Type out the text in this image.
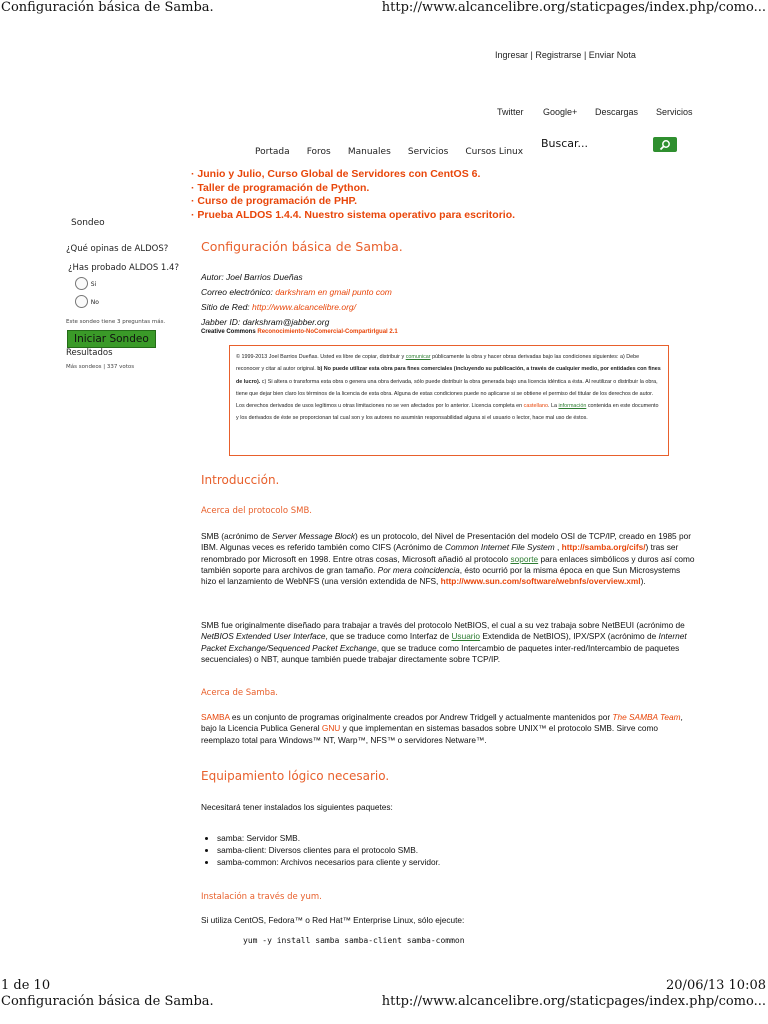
Configuración básica de Samba.	http://www.alcancelibre.org/staticpages/index.php/como...
Ingresar | Registrarse | Enviar Nota
Twitter Google+ Descargas Servicios
Portada Foros Manuales Servicios Cursos Linux
Buscar...
· Junio y Julio, Curso Global de Servidores con CentOS 6.
· Taller de programación de Python.
· Curso de programación de PHP.
· Prueba ALDOS 1.4.4. Nuestro sistema operativo para escritorio.
Sondeo
¿Qué opinas de ALDOS?
¿Has probado ALDOS 1.4?
Si
No
Este sondeo tiene 3 preguntas más.
Iniciar Sondeo
Resultados
Más sondeos | 337 votos
Configuración básica de Samba.
Autor: Joel Barrios Dueñas
Correo electrónico: darkshram en gmail punto com
Sitio de Red: http://www.alcancelibre.org/
Jabber ID: darkshram@jabber.org
Creative Commons Reconocimiento-NoComercial-CompartirIgual 2.1
© 1999-2013 Joel Barrios Dueñas. Usted es libre de copiar, distribuir y comunicar públicamente la obra y hacer obras derivadas bajo las condiciones siguientes: a) Debe reconocer y citar al autor original. b) No puede utilizar esta obra para fines comerciales (incluyendo su publicación, a través de cualquier medio, por entidades con fines de lucro). c) Si altera o transforma esta obra o genera una obra derivada, sólo puede distribuir la obra generada bajo una licencia idéntica a ésta. Al reutilizar o distribuir la obra, tiene que dejar bien claro los términos de la licencia de esta obra. Alguna de estas condiciones puede no aplicarse si se obtiene el permiso del titular de los derechos de autor. Los derechos derivados de usos legítimos u otras limitaciones no se ven afectados por lo anterior. Licencia completa en castellano. La información contenida en este documento y los derivados de éste se proporcionan tal cual son y los autores no asumirán responsabilidad alguna si el usuario o lector, hace mal uso de éstos.
Introducción.
Acerca del protocolo SMB.
SMB (acrónimo de Server Message Block) es un protocolo, del Nivel de Presentación del modelo OSI de TCP/IP, creado en 1985 por IBM. Algunas veces es referido también como CIFS (Acrónimo de Common Internet File System , http://samba.org/cifs/) tras ser renombrado por Microsoft en 1998. Entre otras cosas, Microsoft añadió al protocolo soporte para enlaces simbólicos y duros así como también soporte para archivos de gran tamaño. Por mera coincidencia, ésto ocurrió por la misma época en que Sun Microsystems hizo el lanzamiento de WebNFS (una versión extendida de NFS, http://www.sun.com/software/webnfs/overview.xml).
SMB fue originalmente diseñado para trabajar a través del protocolo NetBIOS, el cual a su vez trabaja sobre NetBEUI (acrónimo de NetBIOS Extended User Interface, que se traduce como Interfaz de Usuario Extendida de NetBIOS), IPX/SPX (acrónimo de Internet Packet Exchange/Sequenced Packet Exchange, que se traduce como Intercambio de paquetes inter-red/Intercambio de paquetes secuenciales) o NBT, aunque también puede trabajar directamente sobre TCP/IP.
Acerca de Samba.
SAMBA es un conjunto de programas originalmente creados por Andrew Tridgell y actualmente mantenidos por The SAMBA Team, bajo la Licencia Publica General GNU y que implementan en sistemas basados sobre UNIX™ el protocolo SMB. Sirve como reemplazo total para Windows™ NT, Warp™, NFS™ o servidores Netware™.
Equipamiento lógico necesario.
Necesitará tener instalados los siguientes paquetes:
• samba: Servidor SMB.
• samba-client: Diversos clientes para el protocolo SMB.
• samba-common: Archivos necesarios para cliente y servidor.
Instalación a través de yum.
Si utiliza CentOS, Fedora™ o Red Hat™ Enterprise Linux, sólo ejecute:
yum -y install samba samba-client samba-common
1 de 10	20/06/13 10:08
Configuración básica de Samba.	http://www.alcancelibre.org/staticpages/index.php/como...
